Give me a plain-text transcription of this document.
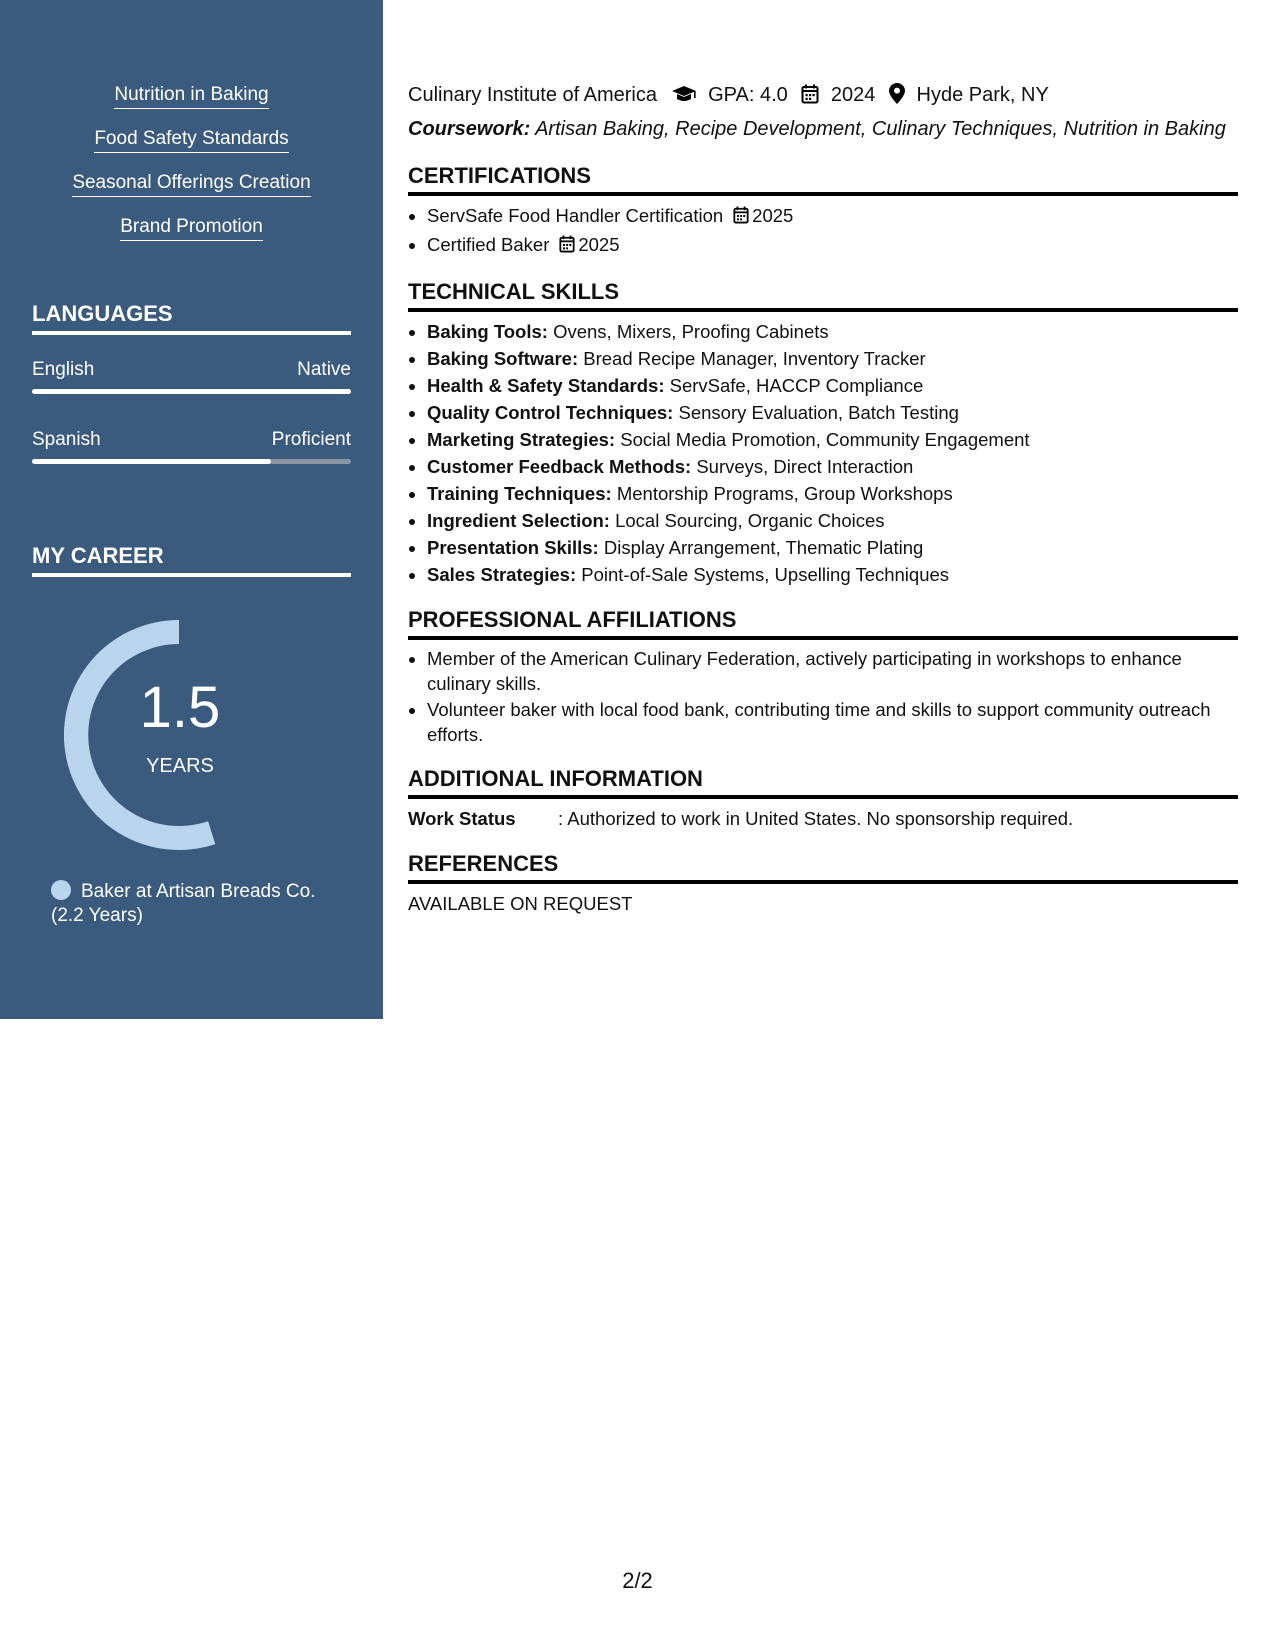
Nutrition in Baking
Food Safety Standards
Seasonal Offerings Creation
Brand Promotion
LANGUAGES
English	Native
Spanish	Proficient
MY CAREER
1.5
YEARS
Baker at Artisan Breads Co. (2.2 Years)
Culinary Institute of America	GPA: 4.0 2024 Hyde Park, NY
Coursework: Artisan Baking, Recipe Development, Culinary Techniques, Nutrition in Baking
CERTIFICATIONS
• ServSafe Food Handler Certification 2025
• Certified Baker 2025
TECHNICAL SKILLS
• Baking Tools: Ovens, Mixers, Proofing Cabinets
• Baking Software: Bread Recipe Manager, Inventory Tracker
• Health & Safety Standards: ServSafe, HACCP Compliance
• Quality Control Techniques: Sensory Evaluation, Batch Testing
• Marketing Strategies: Social Media Promotion, Community Engagement
• Customer Feedback Methods: Surveys, Direct Interaction
• Training Techniques: Mentorship Programs, Group Workshops
• Ingredient Selection: Local Sourcing, Organic Choices
• Presentation Skills: Display Arrangement, Thematic Plating
• Sales Strategies: Point-of-Sale Systems, Upselling Techniques
PROFESSIONAL AFFILIATIONS
• Member of the American Culinary Federation, actively participating in workshops to enhance culinary skills.
• Volunteer baker with local food bank, contributing time and skills to support community outreach efforts.
ADDITIONAL INFORMATION
Work Status : Authorized to work in United States. No sponsorship required.
REFERENCES
AVAILABLE ON REQUEST
2/2
